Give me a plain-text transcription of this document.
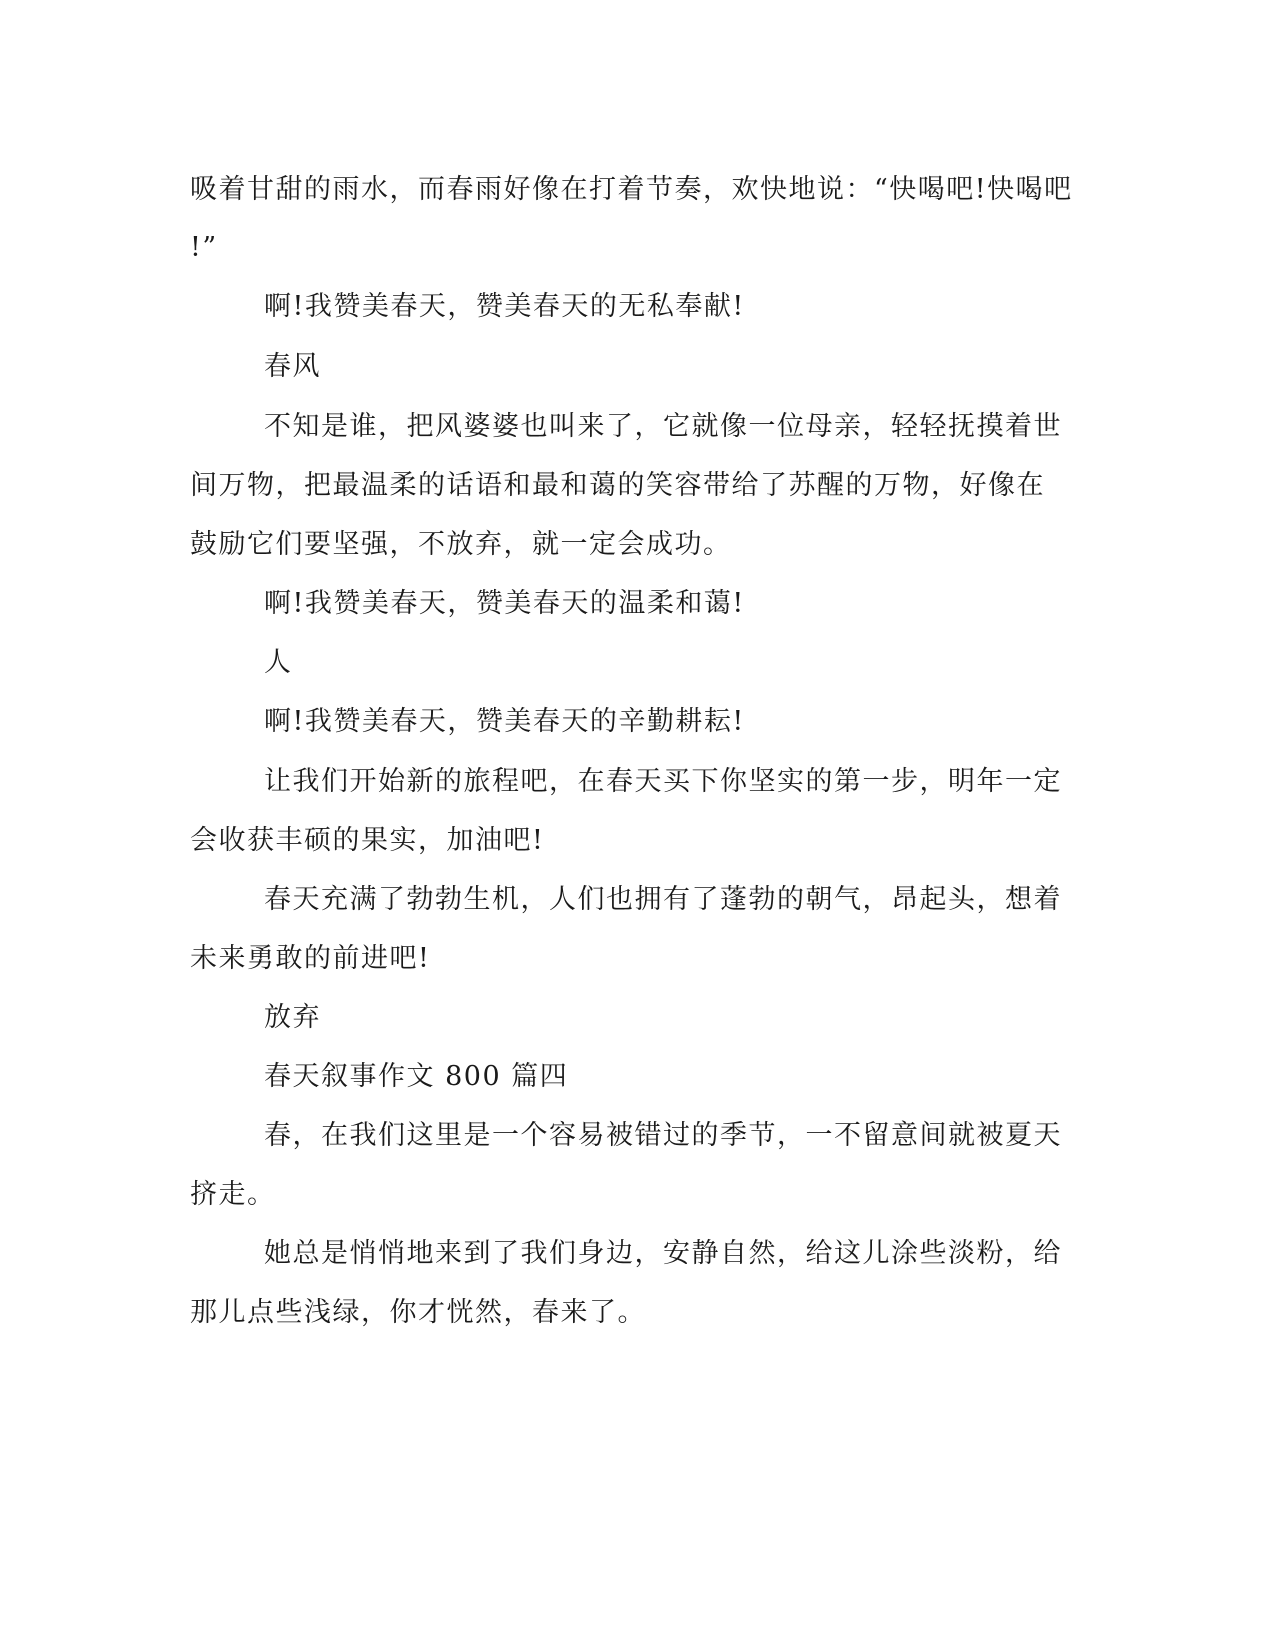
吸着甘甜的雨水，而春雨好像在打着节奏，欢快地说：“快喝吧!快喝吧
!”
啊!我赞美春天，赞美春天的无私奉献!
春风
不知是谁，把风婆婆也叫来了，它就像一位母亲，轻轻抚摸着世
间万物，把最温柔的话语和最和蔼的笑容带给了苏醒的万物，好像在
鼓励它们要坚强，不放弃，就一定会成功。
啊!我赞美春天，赞美春天的温柔和蔼!
人
啊!我赞美春天，赞美春天的辛勤耕耘!
让我们开始新的旅程吧，在春天买下你坚实的第一步，明年一定
会收获丰硕的果实，加油吧!
春天充满了勃勃生机，人们也拥有了蓬勃的朝气，昂起头，想着
未来勇敢的前进吧!
放弃
春天叙事作文 800 篇四
春，在我们这里是一个容易被错过的季节，一不留意间就被夏天
挤走。
她总是悄悄地来到了我们身边，安静自然，给这儿涂些淡粉，给
那儿点些浅绿，你才恍然，春来了。
